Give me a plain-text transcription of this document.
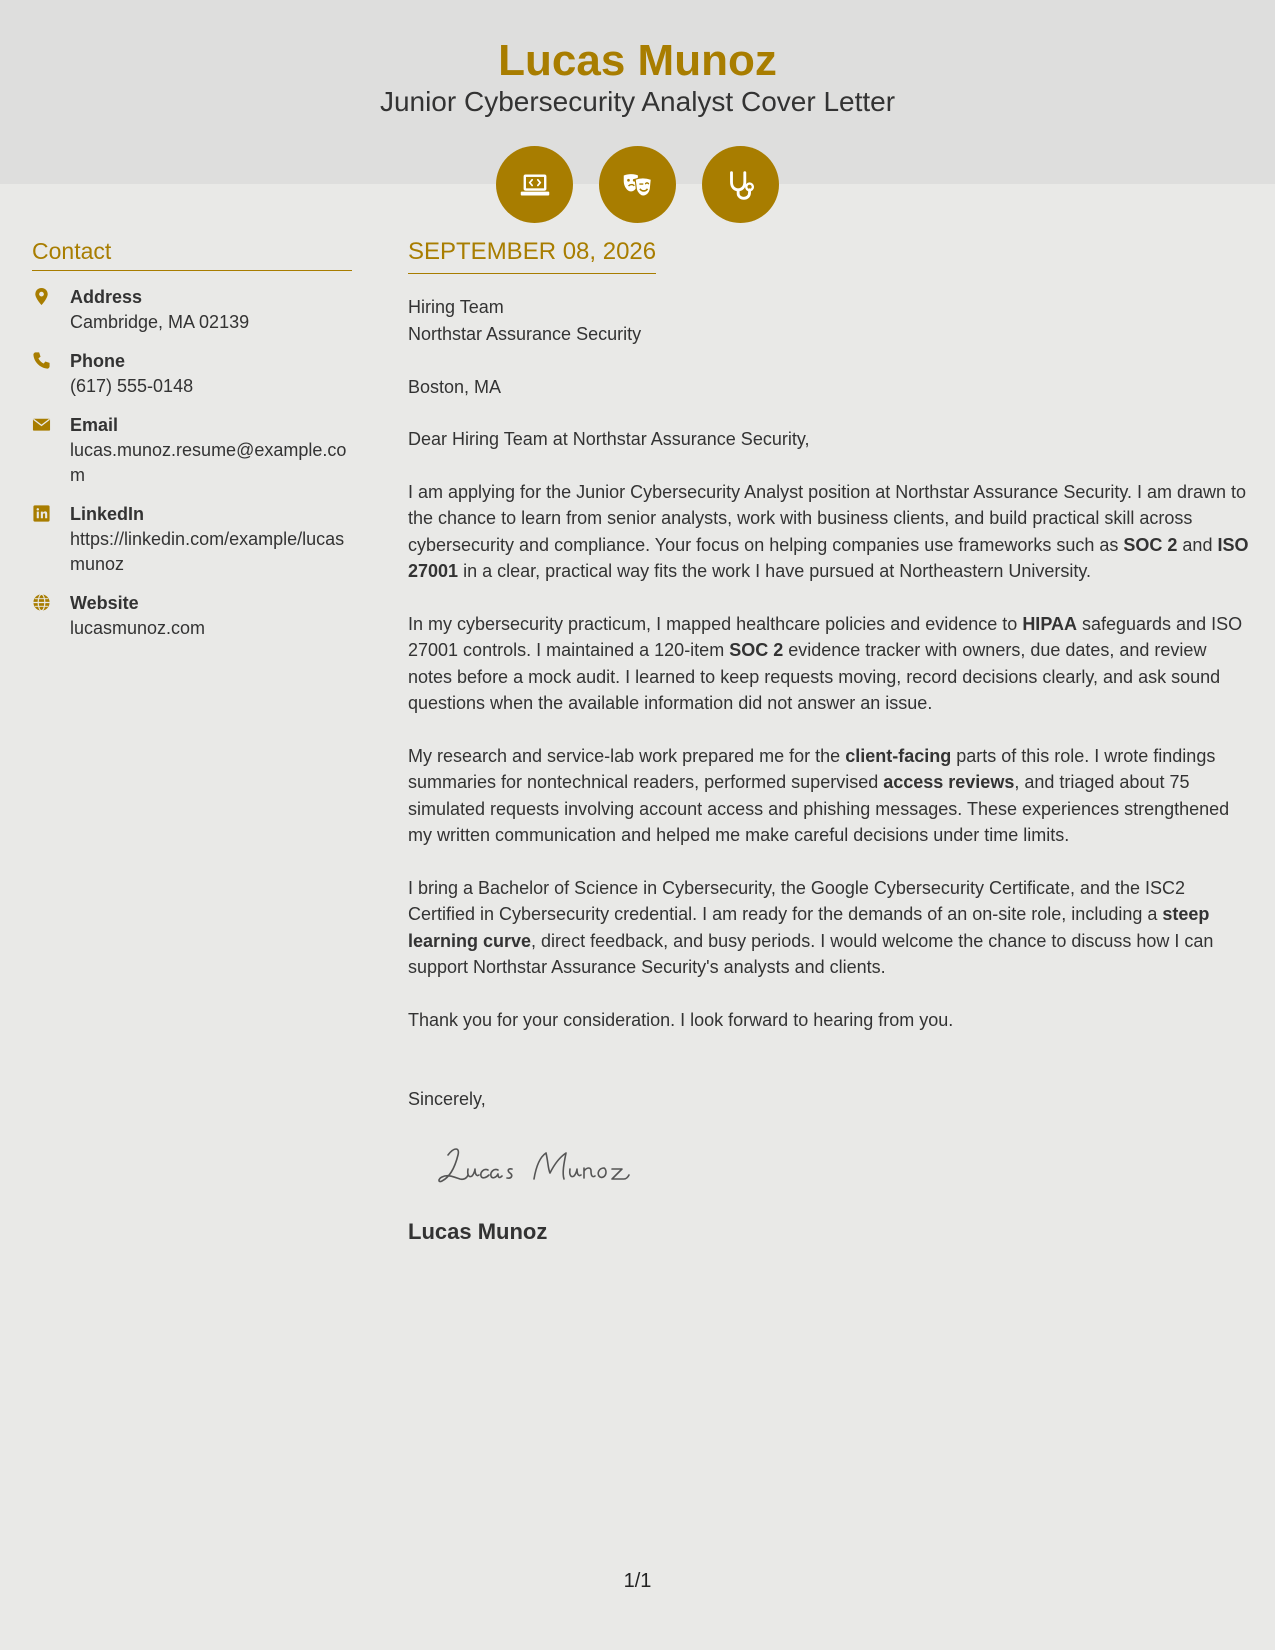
Lucas Munoz
Junior Cybersecurity Analyst Cover Letter
Contact
Address
Cambridge, MA 02139
Phone
(617) 555-0148
Email
lucas.munoz.resume@example.com
LinkedIn
https://linkedin.com/example/lucasmunoz
Website
lucasmunoz.com
SEPTEMBER 08, 2026
Hiring Team
Northstar Assurance Security
Boston, MA
Dear Hiring Team at Northstar Assurance Security,

I am applying for the Junior Cybersecurity Analyst position at Northstar Assurance Security. I am drawn to the chance to learn from senior analysts, work with business clients, and build practical skill across cybersecurity and compliance. Your focus on helping companies use frameworks such as SOC 2 and ISO 27001 in a clear, practical way fits the work I have pursued at Northeastern University.

In my cybersecurity practicum, I mapped healthcare policies and evidence to HIPAA safeguards and ISO 27001 controls. I maintained a 120-item SOC 2 evidence tracker with owners, due dates, and review notes before a mock audit. I learned to keep requests moving, record decisions clearly, and ask sound questions when the available information did not answer an issue.

My research and service-lab work prepared me for the client-facing parts of this role. I wrote findings summaries for nontechnical readers, performed supervised access reviews, and triaged about 75 simulated requests involving account access and phishing messages. These experiences strengthened my written communication and helped me make careful decisions under time limits.

I bring a Bachelor of Science in Cybersecurity, the Google Cybersecurity Certificate, and the ISC2 Certified in Cybersecurity credential. I am ready for the demands of an on-site role, including a steep learning curve, direct feedback, and busy periods. I would welcome the chance to discuss how I can support Northstar Assurance Security's analysts and clients.

Thank you for your consideration. I look forward to hearing from you.

Sincerely,
Lucas Munoz
1/1
